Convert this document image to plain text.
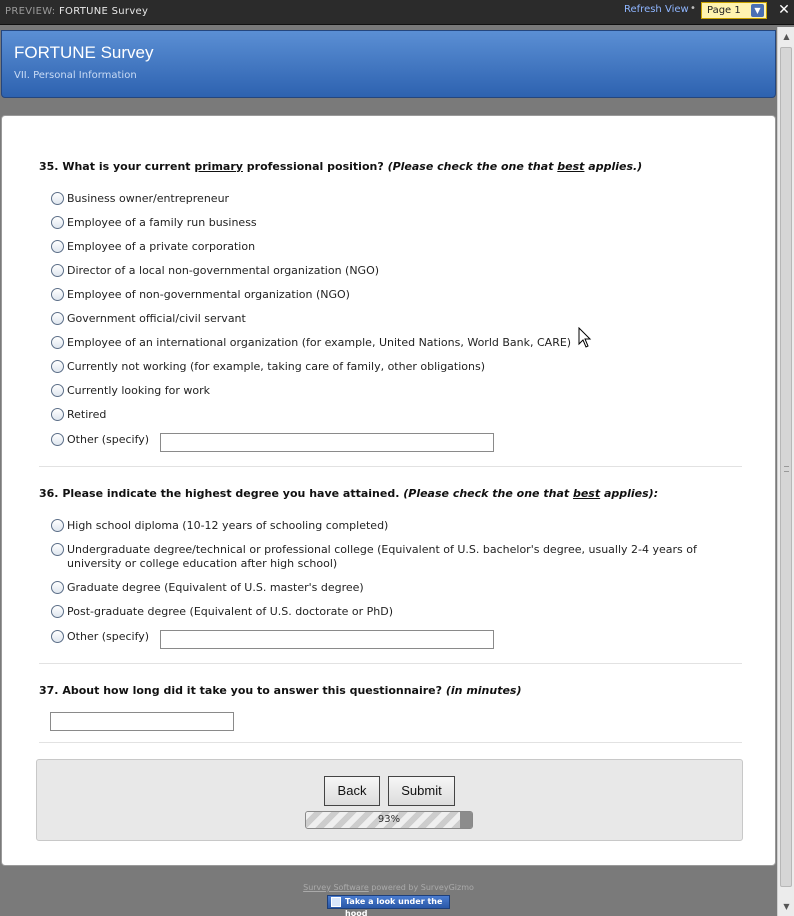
PREVIEW: FORTUNE Survey	Refresh View •	Page 1	▼ ✕
▲
▼
FORTUNE Survey
VII. Personal Information
35. What is your current primary professional position? (Please check the one that best applies.)
Business owner/entrepreneur
Employee of a family run business
Employee of a private corporation
Director of a local non-governmental organization (NGO)
Employee of non-governmental organization (NGO)
Government official/civil servant
Employee of an international organization (for example, United Nations, World Bank, CARE)
Currently not working (for example, taking care of family, other obligations)
Currently looking for work
Retired
Other (specify)
36. Please indicate the highest degree you have attained. (Please check the one that best applies):
High school diploma (10-12 years of schooling completed)
Undergraduate degree/technical or professional college (Equivalent of U.S. bachelor's degree, usually 2-4 years of university or college education after high school)
Graduate degree (Equivalent of U.S. master's degree)
Post-graduate degree (Equivalent of U.S. doctorate or PhD)
Other (specify)
37. About how long did it take you to answer this questionnaire? (in minutes)
Back	Submit
93%
Survey Software powered by SurveyGizmo
Take a look under the hood
